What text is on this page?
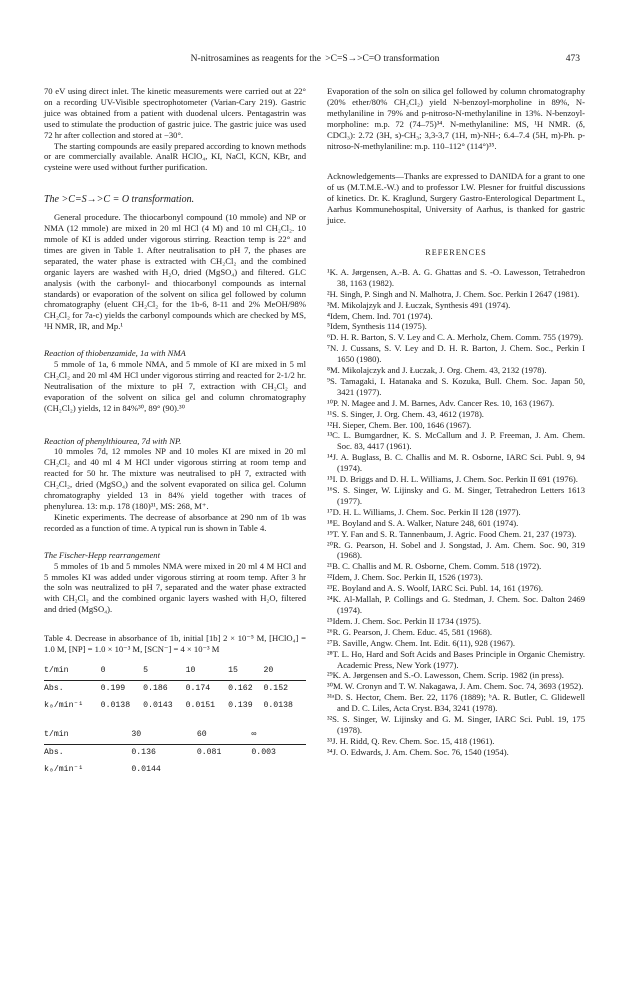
N-nitrosamines as reagents for the  >C=S→>C=O transformation	473

70 eV using direct inlet. The kinetic measurements were carried out at 22° on a recording UV-Visible spectrophotometer (Varian-Cary 219). Gastric juice was obtained from a patient with duodenal ulcers. Pentagastrin was used to stimulate the production of gastric juice. The gastric juice was used 72 hr after collection and stored at −30°.

The starting compounds are easily prepared according to known methods or are commercially available. AnalR HClO₄, KI, NaCl, KCN, KBr, and cysteine were used without further purification.

The >C=S→>C = O transformation.

General procedure. The thiocarbonyl compound (10 mmole) and NP or NMA (12 mmole) are mixed in 20 ml HCl (4 M) and 10 ml CH₂Cl₂. 10 mmole of KI is added under vigorous stirring. Reaction temp is 22° and times are given in Table 1. After neutralisation to pH 7, the phases are separated, the water phase is extracted with CH₂Cl₂ and the combined organic layers are washed with H₂O, dried (MgSO₄) and filtered. GLC analysis (with the carbonyl- and thiocarbonyl compounds as internal standards) or evaporation of the solvent on silica gel followed by column chromatography (eluent CH₂Cl₂ for the 1b-6, 8-11 and 2% MeOH/98% CH₂Cl₂ for 7a-c) yields the carbonyl compounds which are checked by MS, ¹H NMR, IR, and Mp.¹

Reaction of thiobenzamide, 1a with NMA

5 mmole of 1a, 6 mmole NMA, and 5 mmole of KI are mixed in 5 ml CH₂Cl₂ and 20 ml 4M HCl under vigorous stirring and reacted for 2-1/2 hr. Neutralisation of the mixture to pH 7, extraction with CH₂Cl₂ and evaporation of the solvent on silica gel and column chromatography (CH₂Cl₂) yields, 12 in 84%³⁰, 89° (90).³⁰

Reaction of phenylthiourea, 7d with NP.

10 mmoles 7d, 12 mmoles NP and 10 moles KI are mixed in 20 ml CH₂Cl₂ and 40 ml 4 M HCl under vigorous stirring at room temp and reacted for 50 hr. The mixture was neutralised to pH 7, extracted with CH₂Cl₂, dried (MgSO₄) and the solvent evaporated on silica gel. Column chromatography yielded 13 in 84% yield together with traces of phenylurea. 13: m.p. 178 (180)³¹, MS: 268, M⁺.

Kinetic experiments. The decrease of absorbance at 290 nm of 1b was recorded as a function of time. A typical run is shown in Table 4.

The Fischer-Hepp rearrangement

5 mmoles of 1b and 5 mmoles NMA were mixed in 20 ml 4 M HCl and 5 mmoles KI was added under vigorous stirring at room temp. After 3 hr the soln was neutralized to pH 7, separated and the water phase extracted with CH₂Cl₂ and the combined organic layers washed with H₂O, filtered and dried (MgSO₄).

Table 4. Decrease in absorbance of 1b, initial [1b] 2 × 10⁻⁵ M, [HClO₄] = 1.0 M, [NP] = 1.0 × 10⁻³ M, [SCN⁻] = 4 × 10⁻³ M

t/min	0	5	10	15	20
Abs.	0.199	0.186	0.174	0.162	0.152
k₀/min⁻¹	0.0138	0.0143	0.0151	0.139	0.0138
t/min	30	60	∞		
Abs.	0.136	0.081	0.003		
k₀/min⁻¹	0.0144				

Evaporation of the soln on silica gel followed by column chromatography (20% ether/80% CH₂Cl₂) yield N-benzoyl-morpholine in 89%, N-methylaniline in 79% and p-nitroso-N-methylaniline in 13%. N-benzoyl-morpholine: m.p. 72 (74–75)³⁴. N-methylaniline: MS, ¹H NMR. (δ, CDCl₃): 2.72 (3H, s)-CH₃; 3,3-3,7 (1H, m)-NH-; 6.4–7.4 (5H, m)-Ph. p-nitroso-N-methylaniline: m.p. 110–112° (114°)³⁵.

Acknowledgements—Thanks are expressed to DANIDA for a grant to one of us (M.T.M.E.-W.) and to professor I.W. Plesner for fruitful discussions of kinetics. Dr. K. Kraglund, Surgery Gastro-Enterological Department L, Aarhus Kommunehospital, University of Aarhus, is thanked for gastric juice.

REFERENCES

¹K. A. Jørgensen, A.-B. A. G. Ghattas and S. -O. Lawesson, Tetrahedron 38, 1163 (1982).

²H. Singh, P. Singh and N. Malhotra, J. Chem. Soc. Perkin I 2647 (1981).

³M. Mikolajzyk and J. Łuczak, Synthesis 491 (1974).

⁴Idem, Chem. Ind. 701 (1974).

⁵Idem, Synthesis 114 (1975).

⁶D. H. R. Barton, S. V. Ley and C. A. Merholz, Chem. Comm. 755 (1979).

⁷N. J. Cussans, S. V. Ley and D. H. R. Barton, J. Chem. Soc., Perkin I 1650 (1980).

⁸M. Mikolajczyk and J. Łuczak, J. Org. Chem. 43, 2132 (1978).

⁹S. Tamagaki, I. Hatanaka and S. Kozuka, Bull. Chem. Soc. Japan 50, 3421 (1977).

¹⁰P. N. Magee and J. M. Barnes, Adv. Cancer Res. 10, 163 (1967).

¹¹S. S. Singer, J. Org. Chem. 43, 4612 (1978).

¹²H. Sieper, Chem. Ber. 100, 1646 (1967).

¹³C. L. Bumgardner, K. S. McCallum and J. P. Freeman, J. Am. Chem. Soc. 83, 4417 (1961).

¹⁴J. A. Buglass, B. C. Challis and M. R. Osborne, IARC Sci. Publ. 9, 94 (1974).

¹⁵I. D. Briggs and D. H. L. Williams, J. Chem. Soc. Perkin II 691 (1976).

¹⁶S. S. Singer, W. Lijinsky and G. M. Singer, Tetrahedron Letters 1613 (1977).

¹⁷D. H. L. Williams, J. Chem. Soc. Perkin II 128 (1977).

¹⁸E. Boyland and S. A. Walker, Nature 248, 601 (1974).

¹⁹T. Y. Fan and S. R. Tannenbaum, J. Agric. Food Chem. 21, 237 (1973).

²⁰R. G. Pearson, H. Sobel and J. Songstad, J. Am. Chem. Soc. 90, 319 (1968).

²¹B. C. Challis and M. R. Osborne, Chem. Comm. 518 (1972).

²²Idem, J. Chem. Soc. Perkin II, 1526 (1973).

²³E. Boyland and A. S. Woolf, IARC Sci. Publ. 14, 161 (1976).

²⁴K. Al-Mallah, P. Collings and G. Stedman, J. Chem. Soc. Dalton 2469 (1974).

²⁵Idem. J. Chem. Soc. Perkin II 1734 (1975).

²⁶R. G. Pearson, J. Chem. Educ. 45, 581 (1968).

²⁷B. Saville, Angw. Chem. Int. Edit. 6(11), 928 (1967).

²⁸T. L. Ho, Hard and Soft Acids and Bases Principle in Organic Chemistry. Academic Press, New York (1977).

²⁹K. A. Jørgensen and S.-O. Lawesson, Chem. Scrip. 1982 (in press).

³⁰M. W. Cronyn and T. W. Nakagawa, J. Am. Chem. Soc. 74, 3693 (1952).

³¹ᵃD. S. Hector, Chem. Ber. 22, 1176 (1889); ᵇA. R. Butler, C. Glidewell and D. C. Liles, Acta Cryst. B34, 3241 (1978).

³²S. S. Singer, W. Lijinsky and G. M. Singer, IARC Sci. Publ. 19, 175 (1978).

³³J. H. Ridd, Q. Rev. Chem. Soc. 15, 418 (1961).

³⁴J. O. Edwards, J. Am. Chem. Soc. 76, 1540 (1954).
